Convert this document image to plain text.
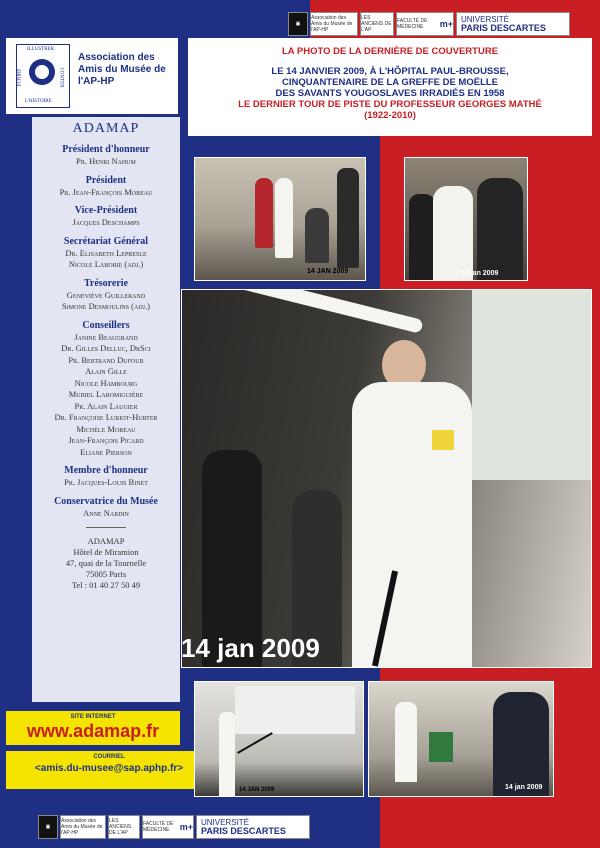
▣
Association des Amis du Musée de l'AP-HP
LES ANCIENS DE L'AP
FACULTÉ DE MÉDECINE
	m+ UNIVERSITÉ
PARIS DESCARTES
ILLUSTRER
ÉCRIRE	CONTER
L'HISTOIRE
Association des Amis du Musée de l'AP-HP
LA PHOTO DE LA DERNIÈRE DE COUVERTURE
LE 14 JANVIER 2009, À L'HÔPITAL PAUL-BROUSSE,
CINQUANTENAIRE DE LA GREFFE DE MOËLLE
DES SAVANTS YOUGOSLAVES IRRADIÉS EN 1958
LE DERNIER TOUR DE PISTE DU PROFESSEUR GEORGES MATHÉ
(1922-2010)
ADAMAP
Président d'honneur
Pr. Henri Nahum
Président
Pr. Jean-François Moreau
Vice-Président
Jacques Deschamps
Secrétariat Général
Dr. Elisabeth Lepresle
Nicole Laborie (adj.)
Trésorerie
Geneviève Guillerand
Simone Desmoulins (adj.)
Conseillers
Janine Beaugrand
Dr. Gilles Delluc, DrSci
Pr. Bertrand Dufour
Alain Gille
Nicole Hambourg
Muriel Laromiguière
Pr. Alain Laugier
Dr. Françoise Luriot-Hurter
Michèle Moreau
Jean-François Picard
Eliane Pierson
Membre d'honneur
Pr. Jacques-Louis Binet
Conservatrice du Musée
Anne Nardin
ADAMAP
Hôtel de Miramion
47, quai de la Tournelle
75005 Paris
Tel : 01 40 27 50 49
SITE INTERNET
www.adamap.fr
COURRIEL
<amis.du-musee@sap.aphp.fr>
14 JAN 2009	14 jan 2009
14 jan 2009
14 JAN 2009	14 jan 2009
▣
Association des Amis du Musée de l'AP-HP
LES ANCIENS DE L'AP
FACULTÉ DE MÉDECINE
	m+ UNIVERSITÉ
PARIS DESCARTES
